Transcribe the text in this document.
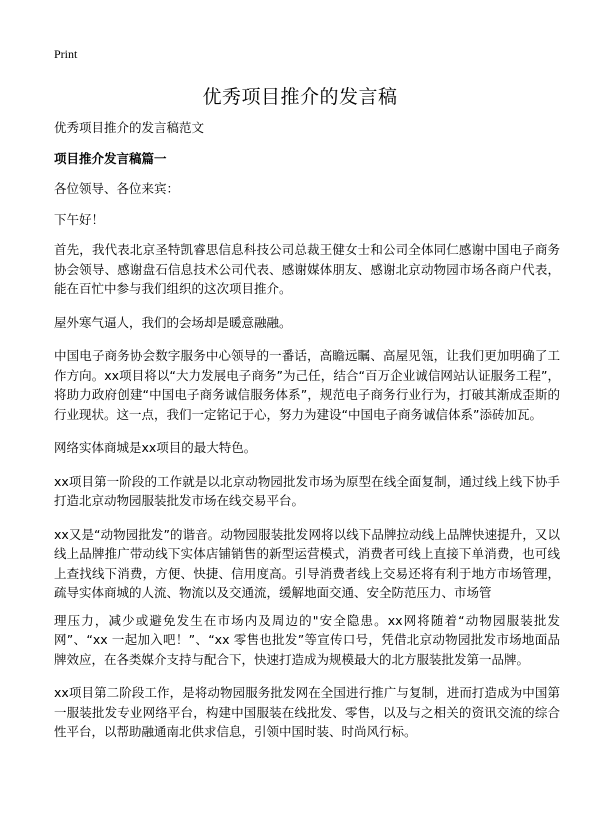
Print
优秀项目推介的发言稿

优秀项目推介的发言稿范文

项目推介发言稿篇一

各位领导、各位来宾：

下午好！

首先，我代表北京圣特凯睿思信息科技公司总裁王健女士和公司全体同仁感谢中国电子商务协会领导、感谢盘石信息技术公司代表、感谢媒体朋友、感谢北京动物园市场各商户代表，能在百忙中参与我们组织的这次项目推介。

屋外寒气逼人，我们的会场却是暖意融融。

中国电子商务协会数字服务中心领导的一番话，高瞻远瞩、高屋见瓴，让我们更加明确了工作方向。xx项目将以“大力发展电子商务”为己任，结合“百万企业诚信网站认证服务工程”，将助力政府创建“中国电子商务诚信服务体系”，规范电子商务行业行为，打破其渐成歪斯的行业现状。这一点，我们一定铭记于心，努力为建设“中国电子商务诚信体系”添砖加瓦。

网络实体商城是xx项目的最大特色。

xx项目第一阶段的工作就是以北京动物园批发市场为原型在线全面复制，通过线上线下协手打造北京动物园服装批发市场在线交易平台。

xx又是“动物园批发”的谐音。动物园服装批发网将以线下品牌拉动线上品牌快速提升，又以线上品牌推广带动线下实体店铺销售的新型运营模式，消费者可线上直接下单消费，也可线上查找线下消费，方便、快捷、信用度高。引导消费者线上交易还将有利于地方市场管理，疏导实体商城的人流、物流以及交通流，缓解地面交通、安全防范压力、市场管

理压力，减少或避免发生在市场内及周边的"安全隐患。xx网将随着“动物园服装批发网”、“xx 一起加入吧！”、“xx 零售也批发”等宣传口号，凭借北京动物园批发市场地面品牌效应，在各类媒介支持与配合下，快速打造成为规模最大的北方服装批发第一品牌。

xx项目第二阶段工作，是将动物园服务批发网在全国进行推广与复制，进而打造成为中国第一服装批发专业网络平台，构建中国服装在线批发、零售，以及与之相关的资讯交流的综合性平台，以帮助融通南北供求信息，引领中国时装、时尚风行标。
